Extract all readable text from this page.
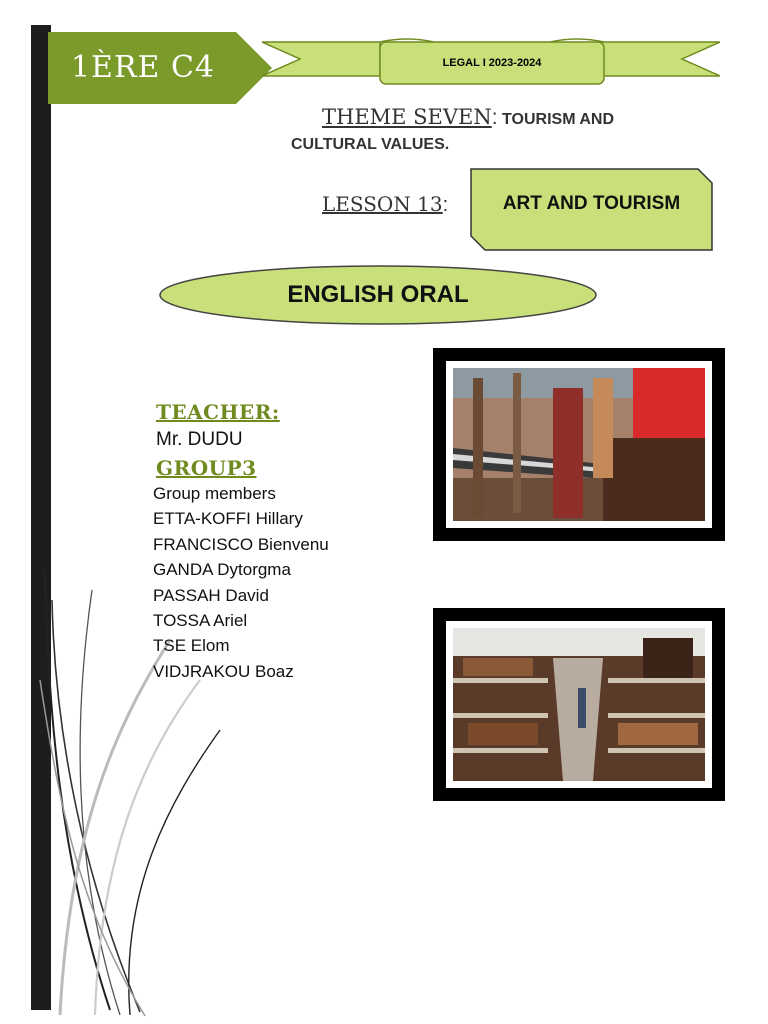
1ÈRE C4	LEGAL I 2023-2024
THEME SEVEN: TOURISM AND
CULTURAL VALUES.
LESSON 13:	ART AND TOURISM
ENGLISH ORAL
TEACHER:
Mr. DUDU
GROUP3
Group members
ETTA-KOFFI Hillary
FRANCISCO Bienvenu
GANDA Dytorgma
PASSAH David
TOSSA Ariel
TSE Elom
VIDJRAKOU Boaz
